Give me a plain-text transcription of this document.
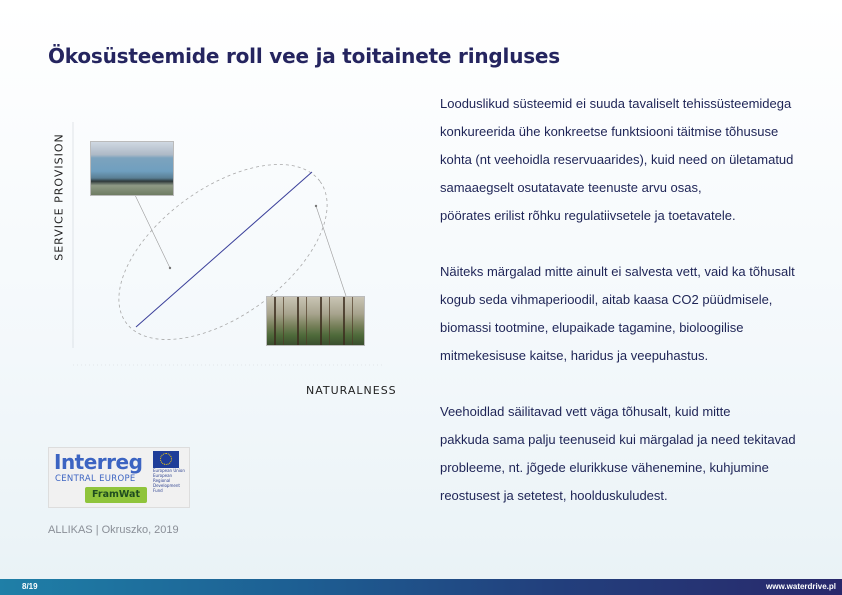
Ökosüsteemide roll vee ja toitainete ringluses
SERVICE PROVISION
NATURALNESS

Looduslikud süsteemid ei suuda tavaliselt tehissüsteemidega
konkureerida ühe konkreetse funktsiooni täitmise tõhususe
kohta (nt veehoidla reservuaarides), kuid need on ületamatud
samaaegselt osutatavate teenuste arvu osas,
pöörates erilist rõhku regulatiivsetele ja toetavatele.

Näiteks märgalad mitte ainult ei salvesta vett, vaid ka tõhusalt
kogub seda vihmaperioodil, aitab kaasa CO2 püüdmisele,
biomassi tootmine, elupaikade tagamine, bioloogilise
mitmekesisuse kaitse, haridus ja veepuhastus.

Veehoidlad säilitavad vett väga tõhusalt, kuid mitte
pakkuda sama palju teenuseid kui märgalad ja need tekitavad
probleeme, nt. jõgede elurikkuse vähenemine, kuhjumine
reostusest ja setetest, hoolduskuludest.

Interreg
CENTRAL EUROPE
European Union European Regional Development Fund
FramWat
ALLIKAS | Okruszko, 2019
8/19	www.waterdrive.pl
